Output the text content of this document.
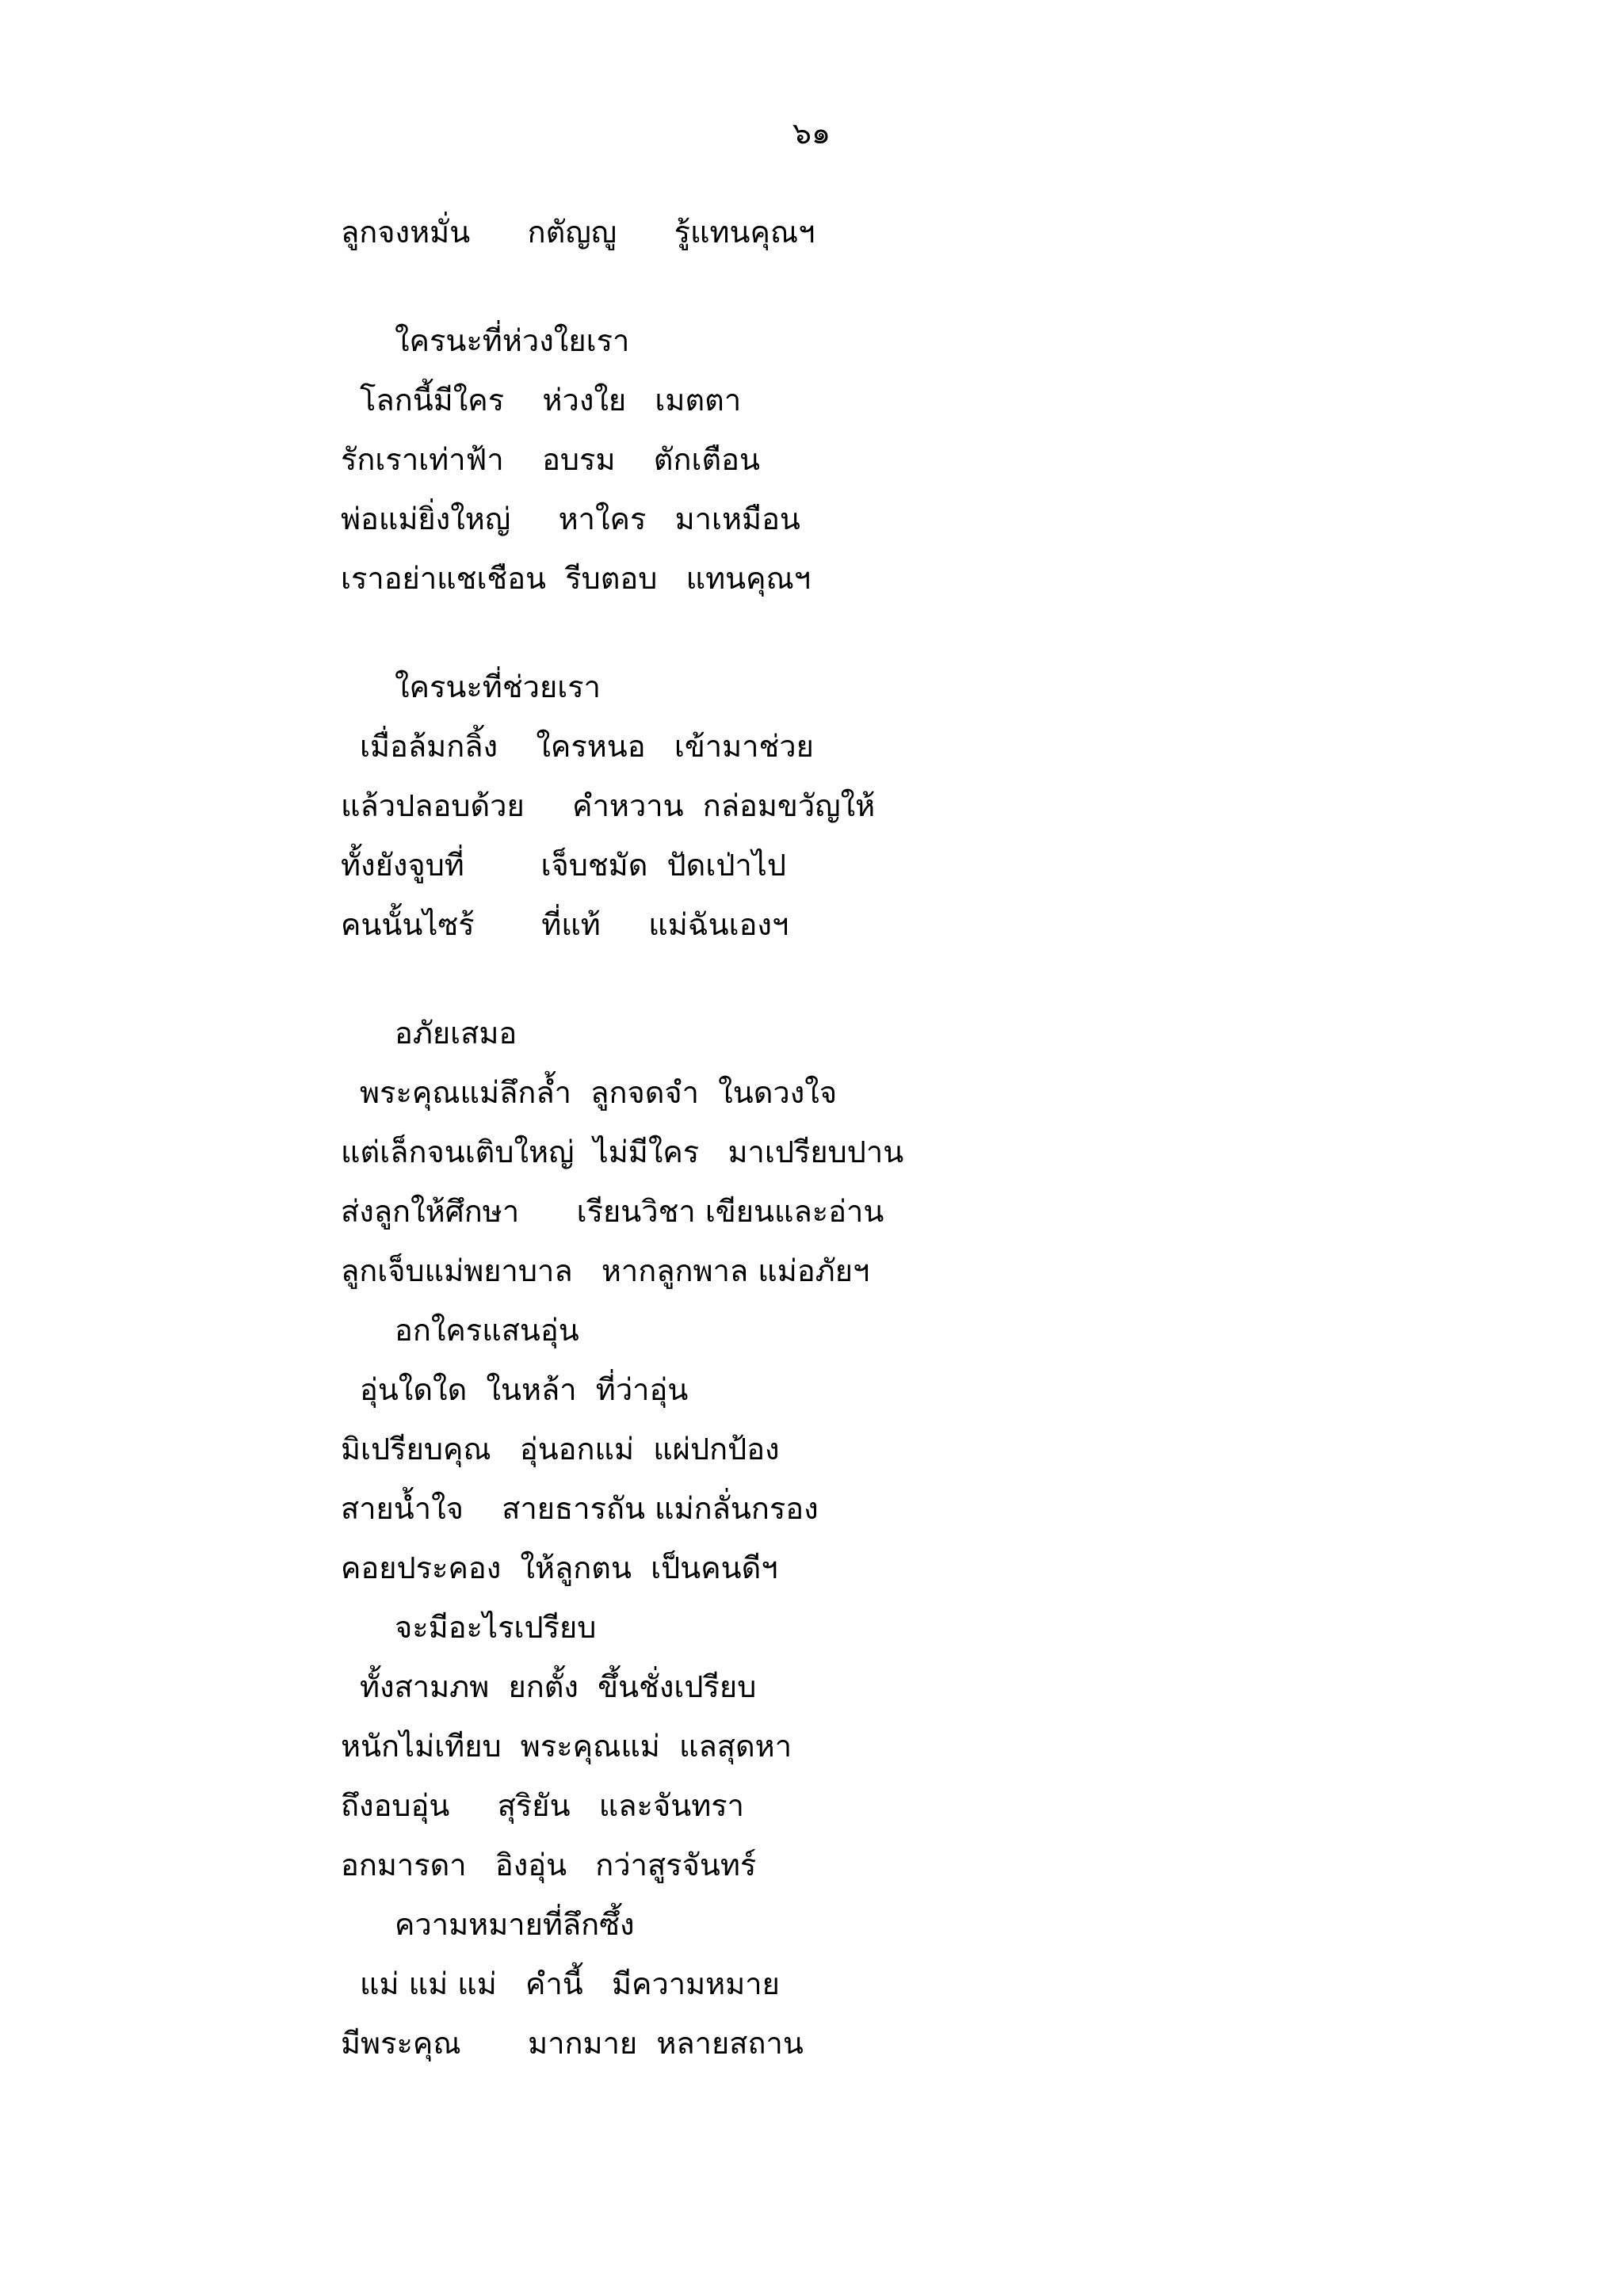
๖๑
ลูกจงหมั่น      กตัญญู      รู้แทนคุณฯ
ใครนะที่ห่วงใยเรา
โลกนี้มีใคร    ห่วงใย   เมตตา
รักเราเท่าฟ้า    อบรม    ตักเตือน
พ่อแม่ยิ่งใหญ่     หาใคร   มาเหมือน
เราอย่าแชเชือน  รีบตอบ   แทนคุณฯ
ใครนะที่ช่วยเรา
เมื่อล้มกลิ้ง    ใครหนอ   เข้ามาช่วย
แล้วปลอบด้วย     คำหวาน  กล่อมขวัญให้
ทั้งยังจูบที่        เจ็บชมัด  ปัดเป่าไป
คนนั้นไซร้       ที่แท้     แม่ฉันเองฯ
อภัยเสมอ
พระคุณแม่ลึกล้ำ  ลูกจดจำ  ในดวงใจ
แต่เล็กจนเติบใหญ่  ไม่มีใคร   มาเปรียบปาน
ส่งลูกให้ศึกษา      เรียนวิชา เขียนและอ่าน
ลูกเจ็บแม่พยาบาล   หากลูกพาล แม่อภัยฯ
อกใครแสนอุ่น
อุ่นใดใด  ในหล้า  ที่ว่าอุ่น
มิเปรียบคุณ   อุ่นอกแม่  แผ่ปกป้อง
สายน้ำใจ    สายธารถัน แม่กลั่นกรอง
คอยประคอง  ให้ลูกตน  เป็นคนดีฯ
จะมีอะไรเปรียบ
ทั้งสามภพ  ยกตั้ง  ขึ้นชั่งเปรียบ
หนักไม่เทียบ  พระคุณแม่  แลสุดหา
ถึงอบอุ่น     สุริยัน   และจันทรา
อกมารดา   อิงอุ่น   กว่าสูรจันทร์
ความหมายที่ลึกซึ้ง
แม่ แม่ แม่   คำนี้   มีความหมาย
มีพระคุณ       มากมาย  หลายสถาน
